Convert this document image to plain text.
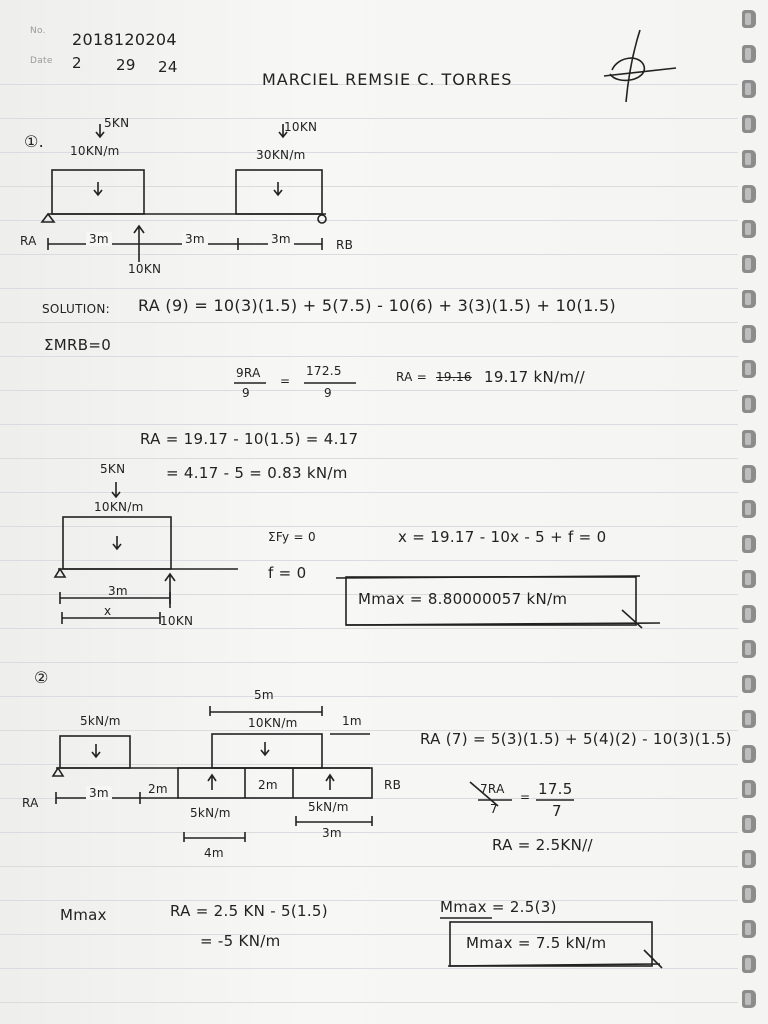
No. 2018120204
Date 2 29 24
MARCIEL REMSIE C. TORRES
①.
5KN	10KN
10KN/m	30KN/m
RA	RB
3m	3m	3m
10KN
SOLUTION: RA (9) = 10(3)(1.5) + 5(7.5) - 10(6) + 3(3)(1.5) + 10(1.5)
ΣMRB=0
9RA
9
=
172.5
9
RA = 19.16 19.17 kN/m//
RA = 19.17 - 10(1.5) = 4.17
= 4.17 - 5 = 0.83 kN/m
5KN
10KN/m
3m
x
10KN
ΣFy = 0
f = 0
x = 19.17 - 10x - 5 + f = 0
Mmax = 8.80000057 kN/m
②
5m
5kN/m	10KN/m	1m
3m	2m	2m
RA
RB
5kN/m	5kN/m
4m
3m
RA (7) = 5(3)(1.5) + 5(4)(2) - 10(3)(1.5)
7RA
7
= 17.5
7
RA = 2.5KN//
Mmax	RA = 2.5 KN - 5(1.5)
= -5 KN/m
Mmax = 2.5(3)
Mmax = 7.5 kN/m
